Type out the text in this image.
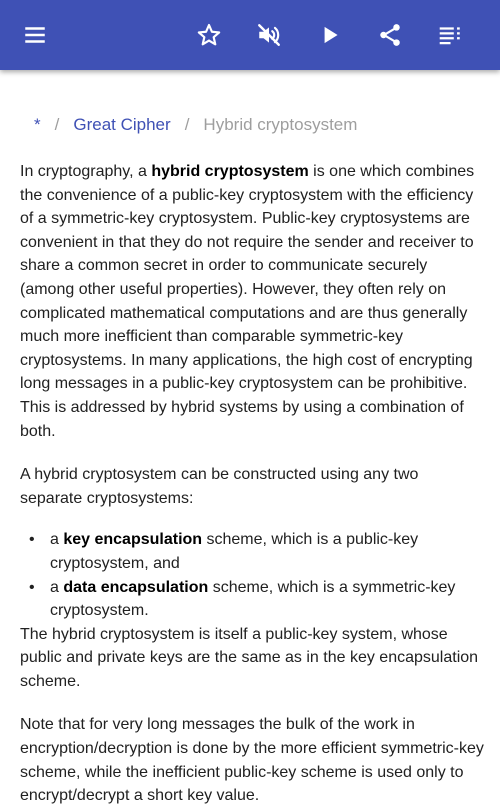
* / Great Cipher / Hybrid cryptosystem

In cryptography, a hybrid cryptosystem is one which combines the convenience of a public-key cryptosystem with the efficiency of a symmetric-key cryptosystem. Public-key cryptosystems are convenient in that they do not require the sender and receiver to share a common secret in order to communicate securely (among other useful properties). However, they often rely on complicated mathematical computations and are thus generally much more inefficient than comparable symmetric-key cryptosystems. In many applications, the high cost of encrypting long messages in a public-key cryptosystem can be prohibitive. This is addressed by hybrid systems by using a combination of both.

A hybrid cryptosystem can be constructed using any two separate cryptosystems:

• a key encapsulation scheme, which is a public-key cryptosystem, and
• a data encapsulation scheme, which is a symmetric-key cryptosystem.

The hybrid cryptosystem is itself a public-key system, whose public and private keys are the same as in the key encapsulation scheme.

Note that for very long messages the bulk of the work in encryption/decryption is done by the more efficient symmetric-key scheme, while the inefficient public-key scheme is used only to encrypt/decrypt a short key value.
